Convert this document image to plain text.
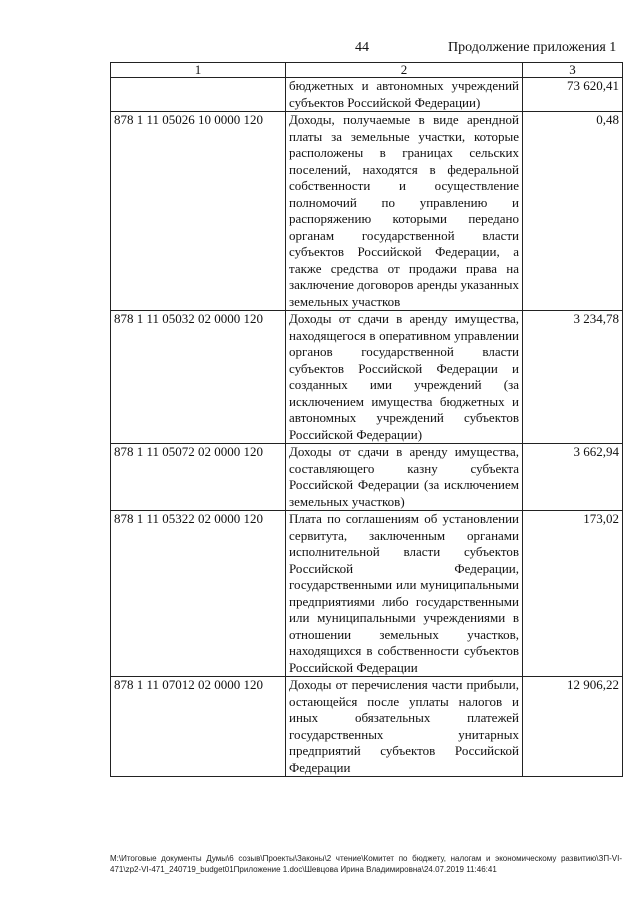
44	Продолжение приложения 1
1	2	3
	бюджетных и автономных учреждений субъектов Российской Федерации)	73 620,41
878 1 11 05026 10 0000 120	Доходы, получаемые в виде арендной платы за земельные участки, которые расположены в границах сельских поселений, находятся в федеральной собственности и осуществление полномочий по управлению и распоряжению которыми передано органам государственной власти субъектов Российской Федерации, а также средства от продажи права на заключение договоров аренды указанных земельных участков	0,48
878 1 11 05032 02 0000 120	Доходы от сдачи в аренду имущества, находящегося в оперативном управлении органов государственной власти субъектов Российской Федерации и созданных ими учреждений (за исключением имущества бюджетных и автономных учреждений субъектов Российской Федерации)	3 234,78
878 1 11 05072 02 0000 120	Доходы от сдачи в аренду имущества, составляющего казну субъекта Российской Федерации (за исключением земельных участков)	3 662,94
878 1 11 05322 02 0000 120	Плата по соглашениям об установлении сервитута, заключенным органами исполнительной власти субъектов Российской Федерации, государственными или муниципальными предприятиями либо государственными или муниципальными учреждениями в отношении земельных участков, находящихся в собственности субъектов Российской Федерации	173,02
878 1 11 07012 02 0000 120	Доходы от перечисления части прибыли, остающейся после уплаты налогов и иных обязательных платежей государственных унитарных предприятий субъектов Российской Федерации	12 906,22
M:\Итоговые документы Думы\6 созыв\Проекты\Законы\2 чтение\Комитет по бюджету, налогам и экономическому развитию\ЗП-VI-471\zp2-VI-471_240719_budget01Приложение 1.doc\Шевцова Ирина Владимировна\24.07.2019 11:46:41
